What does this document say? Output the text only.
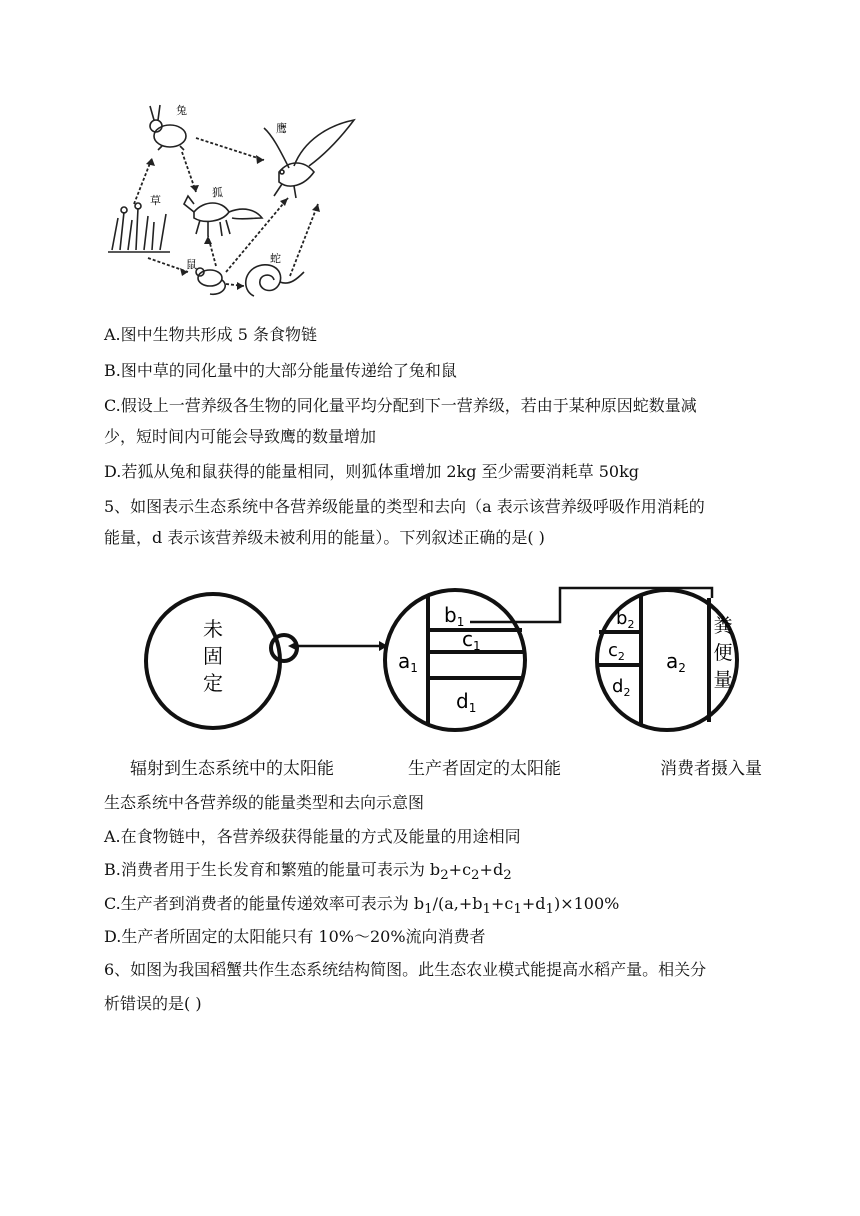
兔
鹰
草
狐
鼠	蛇
A.图中生物共形成 5 条食物链
B.图中草的同化量中的大部分能量传递给了兔和鼠
C.假设上一营养级各生物的同化量平均分配到下一营养级，若由于某种原因蛇数量减
少，短时间内可能会导致鹰的数量增加
D.若狐从兔和鼠获得的能量相同，则狐体重增加 2kg 至少需要消耗草 50kg
5、如图表示生态系统中各营养级能量的类型和去向（a 表示该营养级呼吸作用消耗的
能量，d 表示该营养级未被利用的能量）。下列叙述正确的是( )
未
固
定
$a_1$
$b_1$
$c_1$
$d_1$
$b_2$
$c_2$
$d_2$
$a_2$
粪
便
量
辐射到生态系统中的太阳能	生产者固定的太阳能	消费者摄入量
生态系统中各营养级的能量类型和去向示意图
A.在食物链中，各营养级获得能量的方式及能量的用途相同
B.消费者用于生长发育和繁殖的能量可表示为 $b_2+c_2+d_2$
C.生产者到消费者的能量传递效率可表示为 $b_1/(a,+b_1+c_1+d_1)\times 100\%$
D.生产者所固定的太阳能只有 10%～20%流向消费者
6、如图为我国稻蟹共作生态系统结构简图。此生态农业模式能提高水稻产量。相关分
析错误的是( )
